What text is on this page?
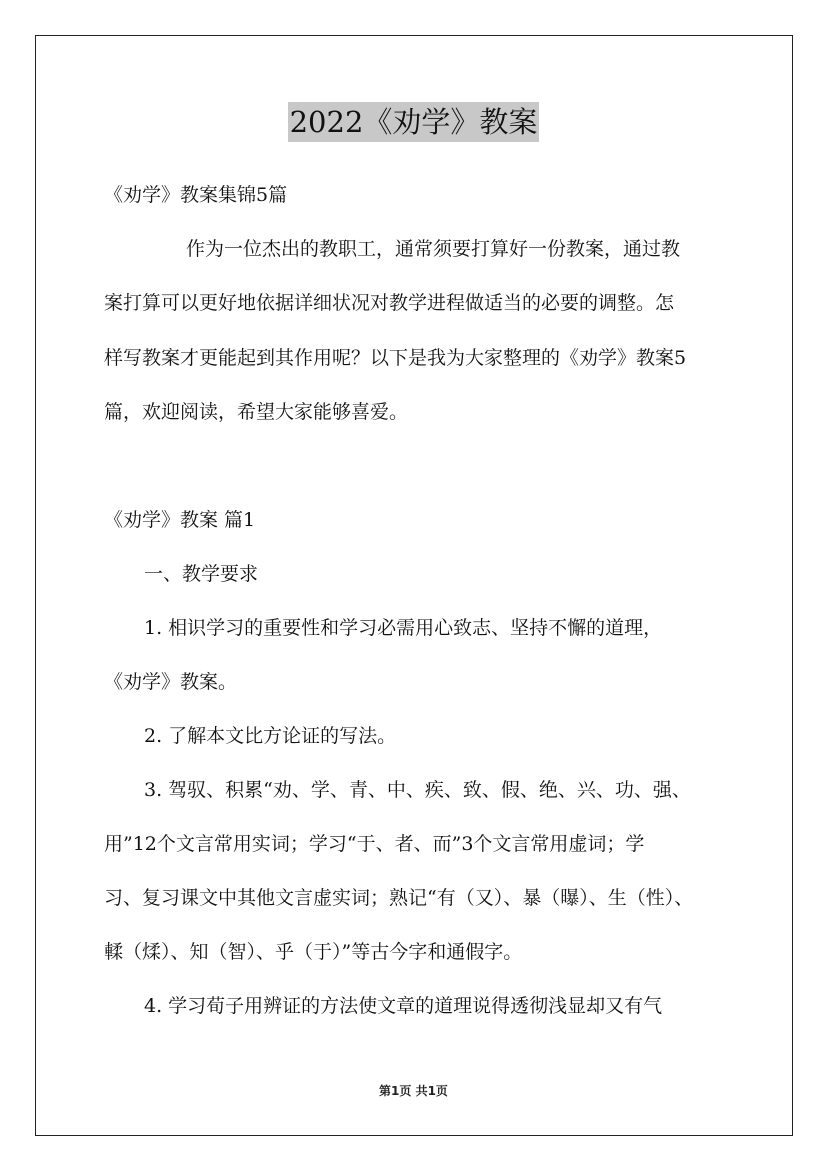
2022《劝学》教案
《劝学》教案集锦5篇
作为一位杰出的教职工，通常须要打算好一份教案，通过教
案打算可以更好地依据详细状况对教学进程做适当的必要的调整。怎
样写教案才更能起到其作用呢？以下是我为大家整理的《劝学》教案5
篇，欢迎阅读，希望大家能够喜爱。
《劝学》教案 篇1
一、教学要求
1. 相识学习的重要性和学习必需用心致志、坚持不懈的道理，
《劝学》教案。
2. 了解本文比方论证的写法。
3. 驾驭、积累“劝、学、青、中、疾、致、假、绝、兴、功、强、
用”12个文言常用实词；学习“于、者、而”3个文言常用虚词；学
习、复习课文中其他文言虚实词；熟记“有（又）、暴（曝）、生（性）、
輮（煣）、知（智）、乎（于）”等古今字和通假字。
4. 学习荀子用辨证的方法使文章的道理说得透彻浅显却又有气
第1页 共1页
